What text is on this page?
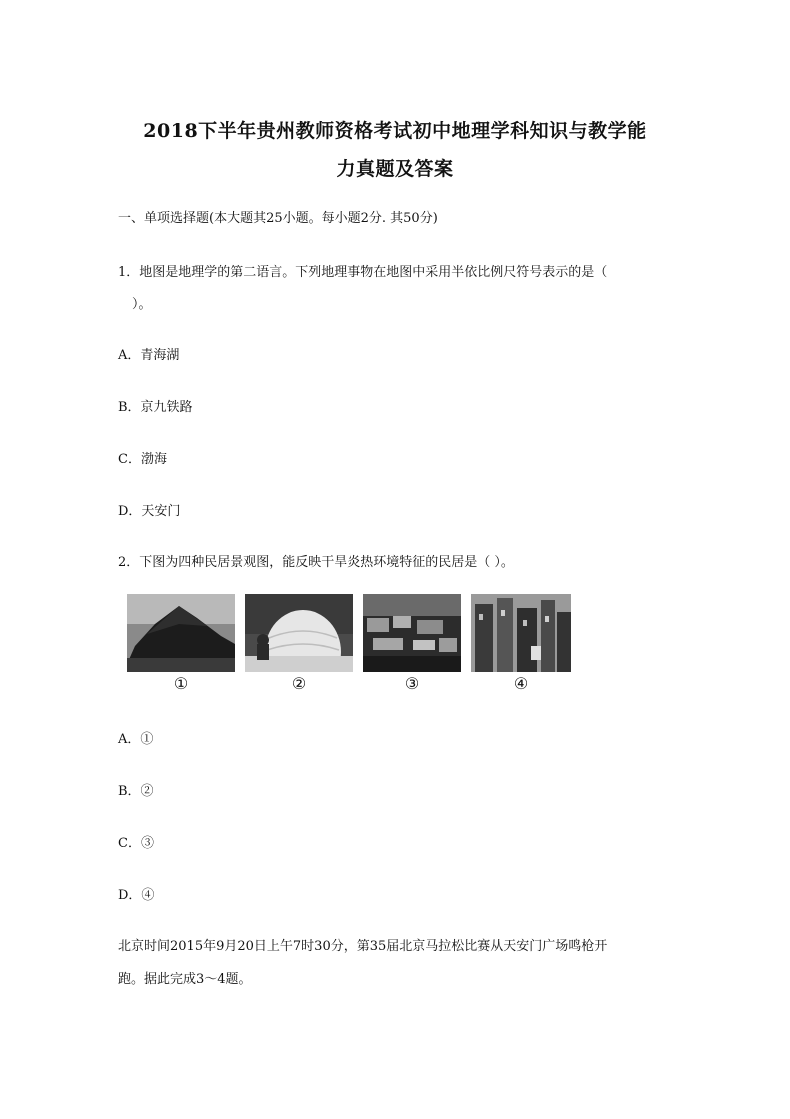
2018下半年贵州教师资格考试初中地理学科知识与教学能
力真题及答案
一、单项选择题(本大题其25小题。每小题2分. 其50分)
1．地图是地理学的第二语言。下列地理事物在地图中采用半依比例尺符号表示的是（
）。
A．青海湖
B．京九铁路
C．渤海
D．天安门
2．下图为四种民居景观图，能反映干旱炎热环境特征的民居是（ ）。
①	②	③	④
A．①
B．②
C．③
D．④
北京时间2015年9月20日上午7时30分，第35届北京马拉松比赛从天安门广场鸣枪开
跑。据此完成3～4题。
